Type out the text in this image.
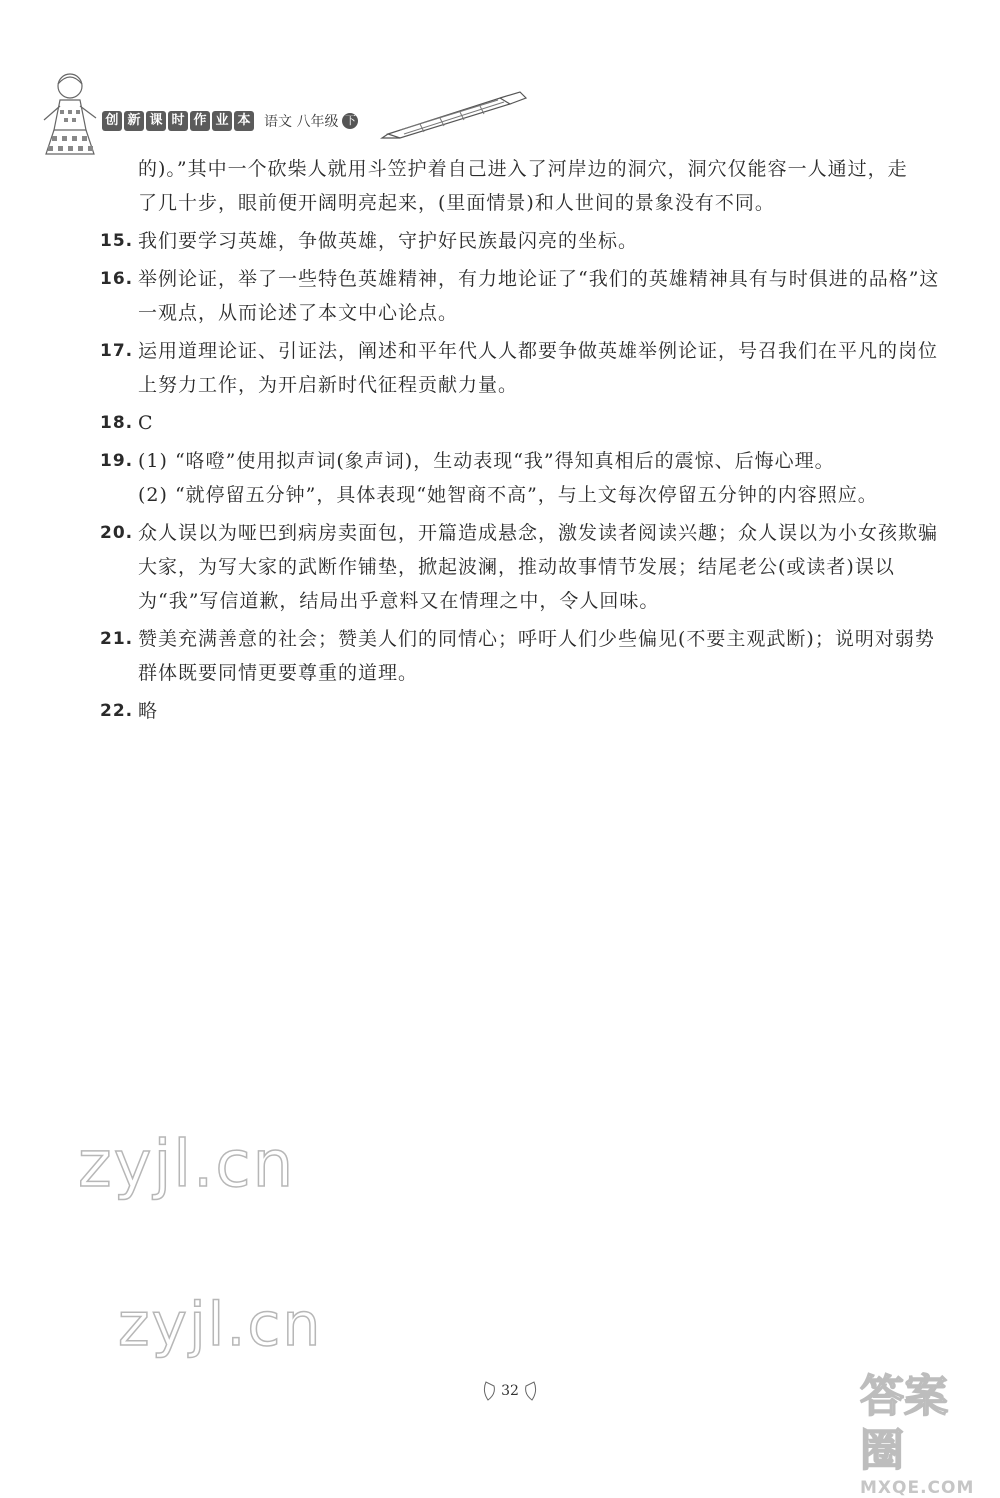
创 新 课 时 作 业 本 语文 八年级 下
的)。”其中一个砍柴人就用斗笠护着自己进入了河岸边的洞穴，洞穴仅能容一人通过，走
了几十步，眼前便开阔明亮起来，(里面情景)和人世间的景象没有不同。
15. 我们要学习英雄，争做英雄，守护好民族最闪亮的坐标。
16. 举例论证，举了一些特色英雄精神，有力地论证了“我们的英雄精神具有与时俱进的品格”这一观点，从而论述了本文中心论点。
17. 运用道理论证、引证法，阐述和平年代人人都要争做英雄举例论证，号召我们在平凡的岗位上努力工作，为开启新时代征程贡献力量。
18. C
19. (1) “咯噔”使用拟声词(象声词)，生动表现“我”得知真相后的震惊、后悔心理。
(2) “就停留五分钟”，具体表现“她智商不高”，与上文每次停留五分钟的内容照应。
20. 众人误以为哑巴到病房卖面包，开篇造成悬念，激发读者阅读兴趣；众人误以为小女孩欺骗大家，为写大家的武断作铺垫，掀起波澜，推动故事情节发展；结尾老公(或读者)误以为“我”写信道歉，结局出乎意料又在情理之中，令人回味。
21. 赞美充满善意的社会；赞美人们的同情心；呼吁人们少些偏见(不要主观武断)；说明对弱势群体既要同情更要尊重的道理。
22. 略
zyjl.cn
zyjl.cn
32	答案圈
MXQE.COM
